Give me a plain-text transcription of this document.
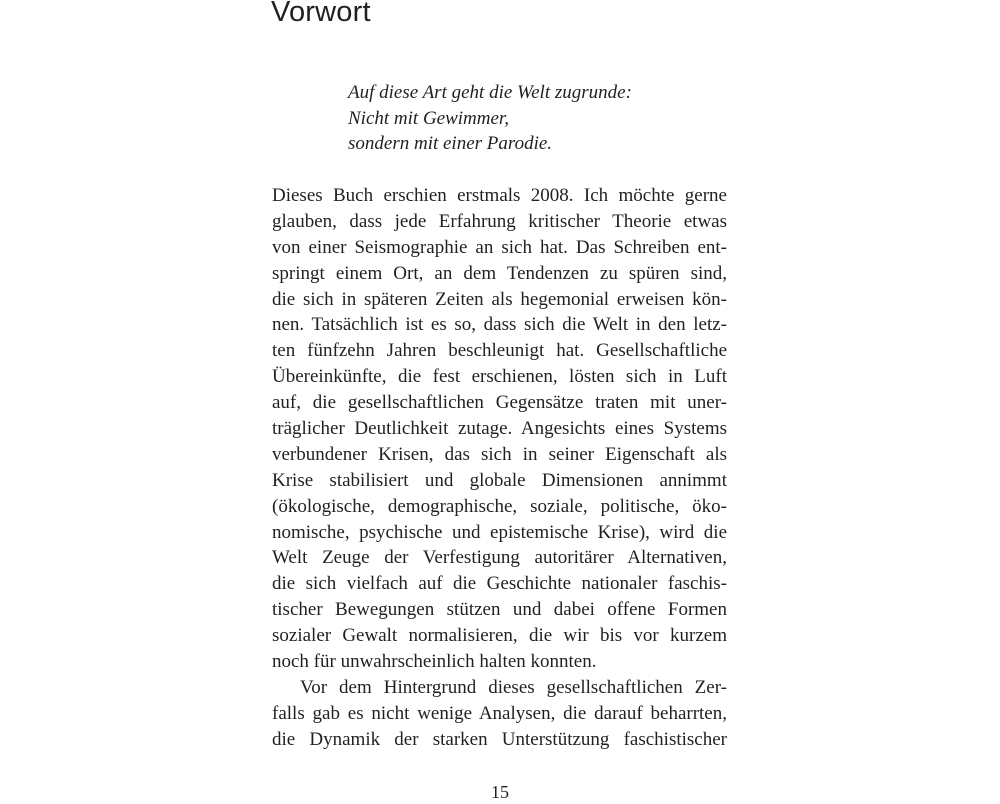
Vorwort
Auf diese Art geht die Welt zugrunde:
Nicht mit Gewimmer,
sondern mit einer Parodie.

Dieses Buch erschien erstmals 2008. Ich möchte gerne
glauben, dass jede Erfahrung kritischer Theorie etwas
von einer Seismographie an sich hat. Das Schreiben ent-
springt einem Ort, an dem Tendenzen zu spüren sind,
die sich in späteren Zeiten als hegemonial erweisen kön-
nen. Tatsächlich ist es so, dass sich die Welt in den letz-
ten fünfzehn Jahren beschleunigt hat. Gesellschaftliche
Übereinkünfte, die fest erschienen, lösten sich in Luft
auf, die gesellschaftlichen Gegensätze traten mit uner-
träglicher Deutlichkeit zutage. Angesichts eines Systems
verbundener Krisen, das sich in seiner Eigenschaft als
Krise stabilisiert und globale Dimensionen annimmt
(ökologische, demographische, soziale, politische, öko-
nomische, psychische und epistemische Krise), wird die
Welt Zeuge der Verfestigung autoritärer Alternativen,
die sich vielfach auf die Geschichte nationaler faschis-
tischer Bewegungen stützen und dabei offene Formen
sozialer Gewalt normalisieren, die wir bis vor kurzem
noch für unwahrscheinlich halten konnten.

Vor dem Hintergrund dieses gesellschaftlichen Zer-
falls gab es nicht wenige Analysen, die darauf beharrten,
die Dynamik der starken Unterstützung faschistischer

15
